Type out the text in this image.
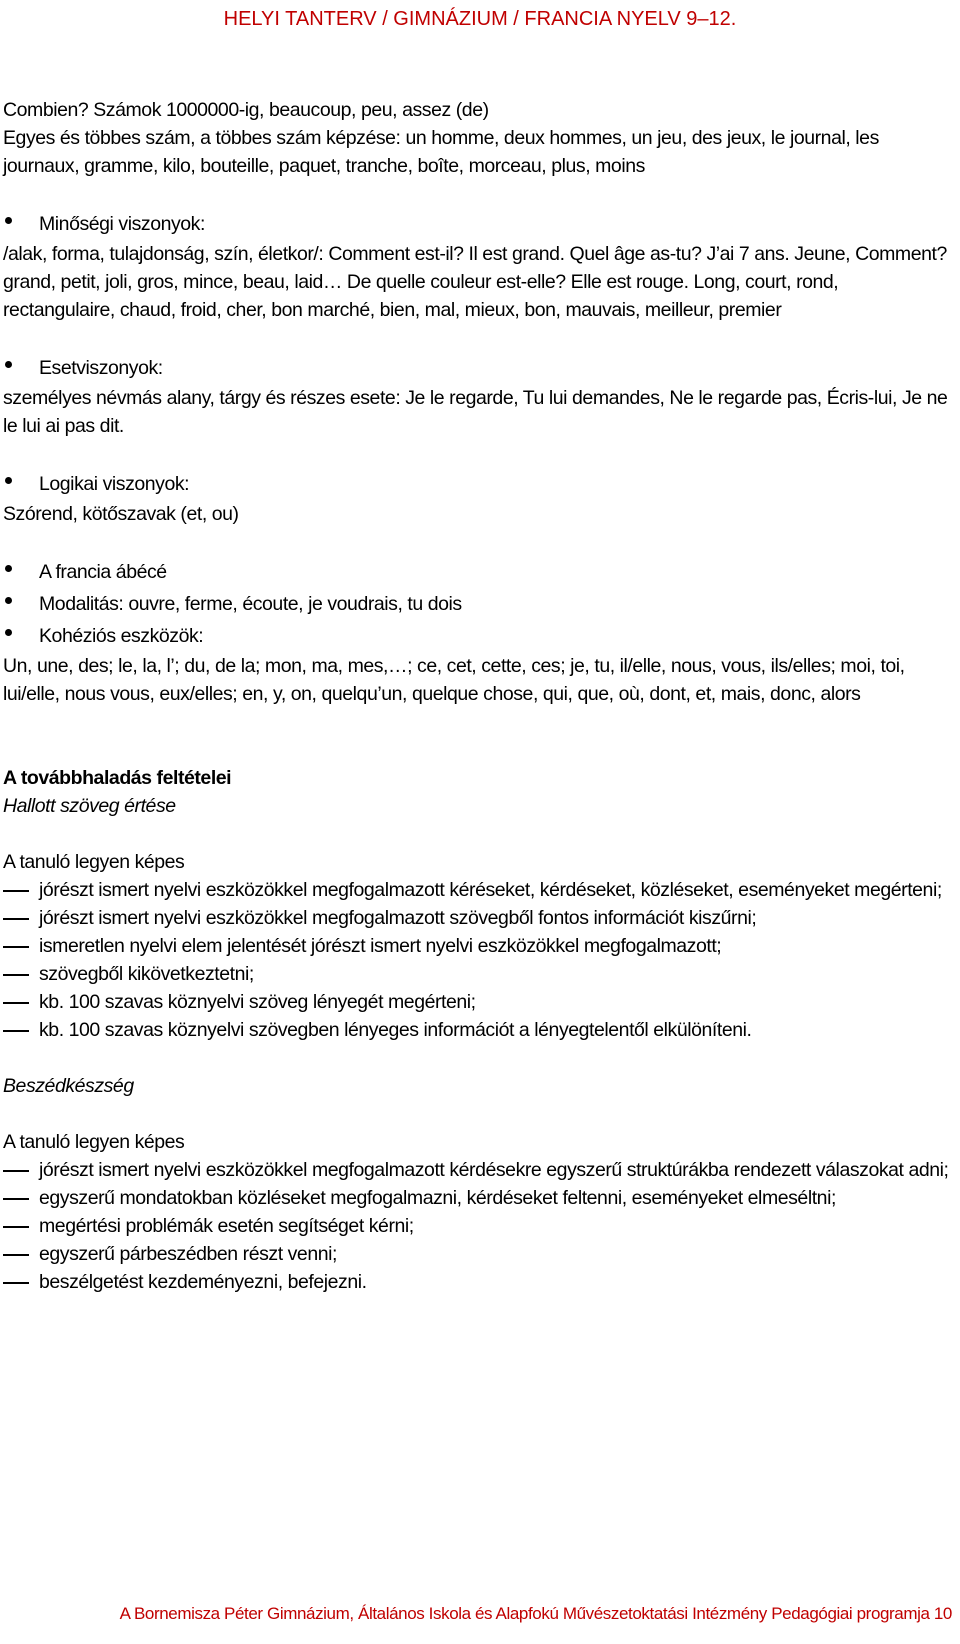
HELYI TANTERV / GIMNÁZIUM / FRANCIA NYELV 9–12.

Combien? Számok 1000000-ig, beaucoup, peu, assez (de)

Egyes és többes szám, a többes szám képzése: un homme, deux hommes, un jeu, des jeux, le journal, les journaux, gramme, kilo, bouteille, paquet, tranche, boîte, morceau, plus, moins

Minőségi viszonyok:

/alak, forma, tulajdonság, szín, életkor/: Comment est-il? Il est grand. Quel âge as-tu? J’ai 7 ans. Jeune, Comment? grand, petit, joli, gros, mince, beau, laid… De quelle couleur est-elle? Elle est rouge. Long, court, rond, rectangulaire, chaud, froid, cher, bon marché, bien, mal, mieux, bon, mauvais, meilleur, premier

Esetviszonyok:

személyes névmás alany, tárgy és részes esete: Je le regarde, Tu lui demandes, Ne le regarde pas, Écris-lui, Je ne le lui ai pas dit.

Logikai viszonyok:

Szórend, kötőszavak (et, ou)

A francia ábécé
Modalitás: ouvre, ferme, écoute, je voudrais, tu dois
Kohéziós eszközök:

Un, une, des; le, la, l’; du, de la; mon, ma, mes,…; ce, cet, cette, ces; je, tu, il/elle, nous, vous, ils/elles; moi, toi, lui/elle, nous vous, eux/elles; en, y, on, quelqu’un, quelque chose, qui, que, où, dont, et, mais, donc, alors

A továbbhaladás feltételei

Hallott szöveg értése

A tanuló legyen képes

jórészt ismert nyelvi eszközökkel megfogalmazott kéréseket, kérdéseket, közléseket, eseményeket megérteni;

jórészt ismert nyelvi eszközökkel megfogalmazott szövegből fontos információt kiszűrni;

ismeretlen nyelvi elem jelentését jórészt ismert nyelvi eszközökkel megfogalmazott;

szövegből kikövetkeztetni;

kb. 100 szavas köznyelvi szöveg lényegét megérteni;

kb. 100 szavas köznyelvi szövegben lényeges információt a lényegtelentől elkülöníteni.

Beszédkészség

A tanuló legyen képes

jórészt ismert nyelvi eszközökkel megfogalmazott kérdésekre egyszerű struktúrákba rendezett válaszokat adni;

egyszerű mondatokban közléseket megfogalmazni, kérdéseket feltenni, eseményeket elmeséltni;

megértési problémák esetén segítséget kérni;

egyszerű párbeszédben részt venni;

beszélgetést kezdeményezni, befejezni.

A Bornemisza Péter Gimnázium, Általános Iskola és Alapfokú Művészetoktatási Intézmény Pedagógiai programja 10
